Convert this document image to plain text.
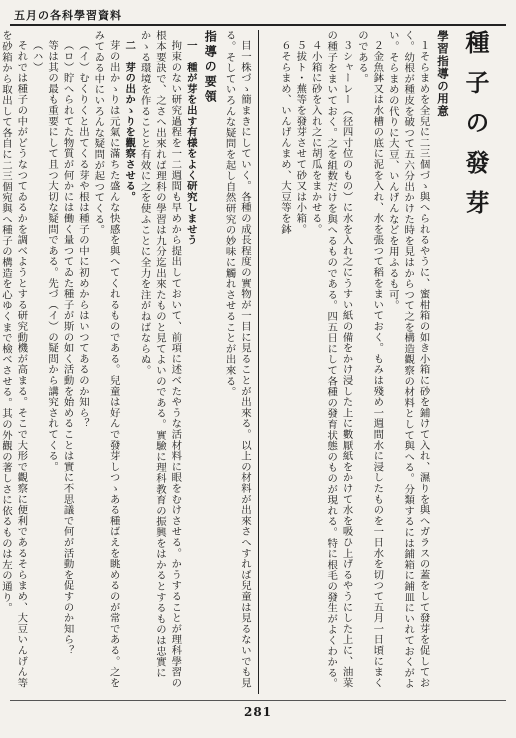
五月の各科學習資料
種子の發芽
學習指導の用意

１そらまめを全兒に二三個づゝ與へられるやうに、蜜柑箱の如き小箱に砂を鋪けて入れ、濕りを與へガラスの蓋をして發芽を促しておく。幼根が種皮を破つて五六分出かけた時を見はからつて之を構造觀察の材料として與へる。分類するには鋪箱に鋪皿にいれておくがよい。そらまめの代りに大豆、いんげんなどを用ふるも可。

２金魚鉢又は水槽の底に泥を入れ、水を張つて稻をまいておく。もみは殘め一週間水に浸したものを一日水を切つて五月一日頃にまくのである。

３シャーレー（径四寸位のもの）に水を入れ之にうすい紙の備をかけ浸した上に數厭紙をかけて水を吸ひ上げるやうにした上に、油菜の種子をまいておく。之を組数だけを與へるものである。四五日にして各種の發育状態のものが現れる。特に根毛の發生がよくわかる。

４小箱に砂を入れ之に胡瓜をまかせる。

５拔ト・蕪等を發芽させて砂又は小箱。

６そらまめ、いんげんまめ、大豆等を鉢

目一株づゝ簡まきにしていく。各種の成長程度の實物が一目に見ることが出來る。以上の材料が出來さへすれば兒童は見るないでも見る。そしていろんな疑問を起し自然研究の妙味に觸れさせることが出來る。

指導の要領

一　種が芽を出す有様をよく研究しませう

拘束のない研究過程を一二週間も早めから提出しておいて、前項に述べたやうな活材料に眼をむけさせる。かうすることが理科學習の根本要訣で、之さへ出來れば理科の學習は九分迄出來たものと見てよいのである。實驗に理科教育の振興をはかるとするものは忠實にかゝる環境を作ることと有效に之を使ふことに全力を注がねばならぬ。

二　芽の出かゝりを觀察させる。

芽の出かゝりは元氣に滿ちた盛んな快感を與へてくれるものである。兒童は好んで發芽しつゝある種ばえを眺めるのが常である。之をみてゐる中にいろんな疑問が起つてくる。

（イ）むくりくと出てくる芽や根は種子の中に初めからはいつてあるのか知ら？

（ロ）貯へられてた物質が何かには働く量つてゐた種子が斯の如く活動を始めることは實に不思議で何が活動を促すのか知ら？

等は其の最も重要にして且つ大切な疑問である。先づ（イ）の疑問から講究されてくる。

（ハ）

それでは種子の中がどうなつてゐるかを調べようとする研究動機が高まる。そこで大形で觀察に便利であるそらまめ、大豆いんげん等を砂箱から取出して各自に二三個宛與へ種子の構造を心ゆくまで檢べさせる。其の外觀の著しさに依るものは左の通り。

281
